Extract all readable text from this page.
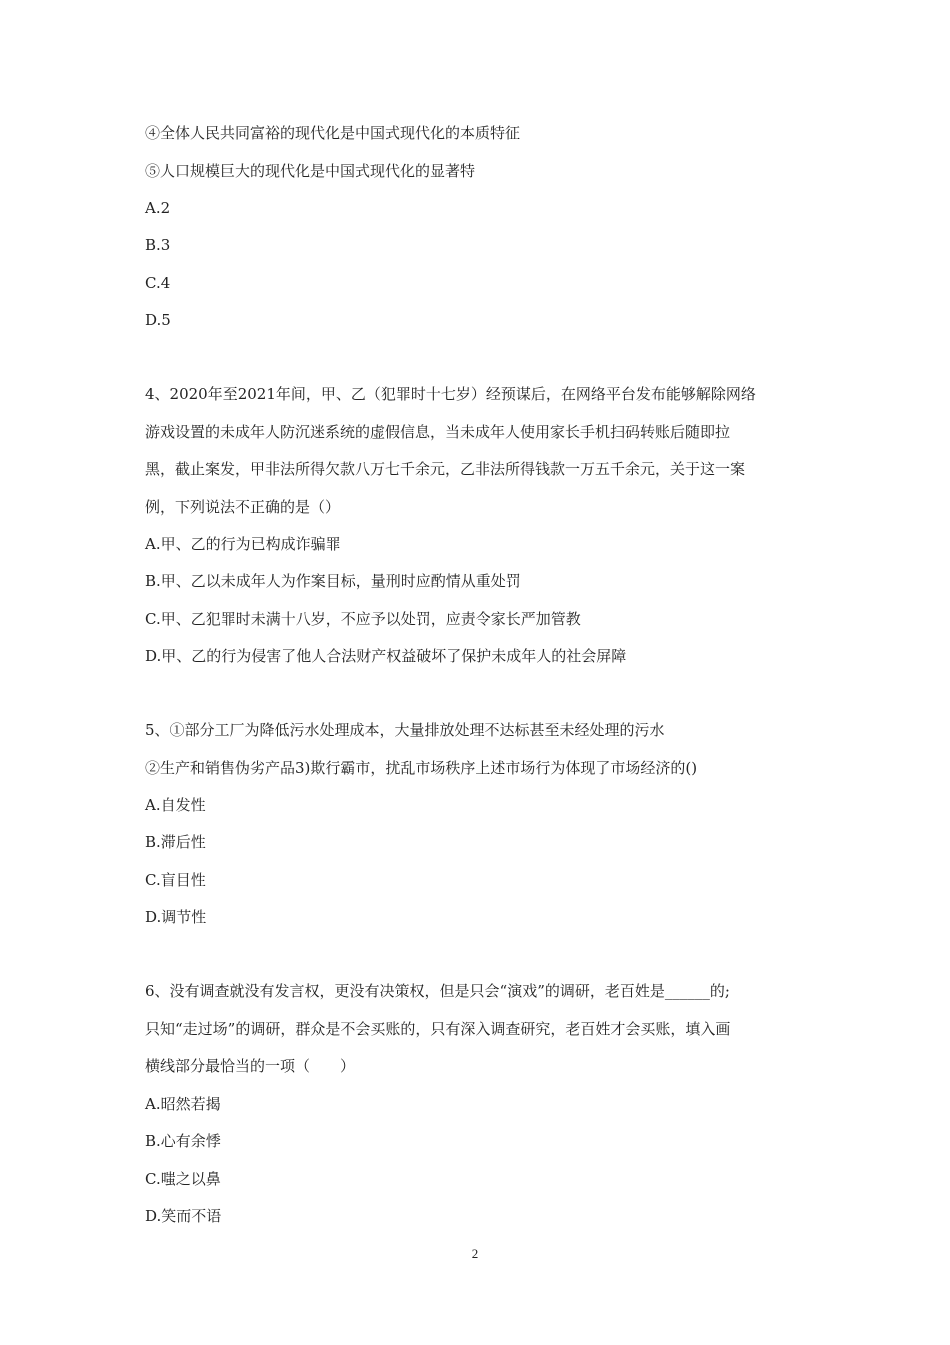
④全体人民共同富裕的现代化是中国式现代化的本质特征

⑤人口规模巨大的现代化是中国式现代化的显著特

A.2

B.3

C.4

D.5

4、2020年至2021年间，甲、乙（犯罪时十七岁）经预谋后，在网络平台发布能够解除网络

游戏设置的未成年人防沉迷系统的虚假信息，当未成年人使用家长手机扫码转账后随即拉

黑，截止案发，甲非法所得欠款八万七千余元，乙非法所得钱款一万五千余元，关于这一案

例，下列说法不正确的是（）

A.甲、乙的行为已构成诈骗罪

B.甲、乙以未成年人为作案目标，量刑时应酌情从重处罚

C.甲、乙犯罪时未满十八岁，不应予以处罚，应责令家长严加管教

D.甲、乙的行为侵害了他人合法财产权益破坏了保护未成年人的社会屏障

5、①部分工厂为降低污水处理成本，大量排放处理不达标甚至未经处理的污水

②生产和销售伪劣产品3)欺行霸市，扰乱市场秩序上述市场行为体现了市场经济的()

A.自发性

B.滞后性

C.盲目性

D.调节性

6、没有调查就没有发言权，更没有决策权，但是只会“演戏”的调研，老百姓是______的;

只知“走过场”的调研，群众是不会买账的，只有深入调查研究，老百姓才会买账，填入画

横线部分最恰当的一项（　　）

A.昭然若揭

B.心有余悸

C.嗤之以鼻

D.笑而不语

2
